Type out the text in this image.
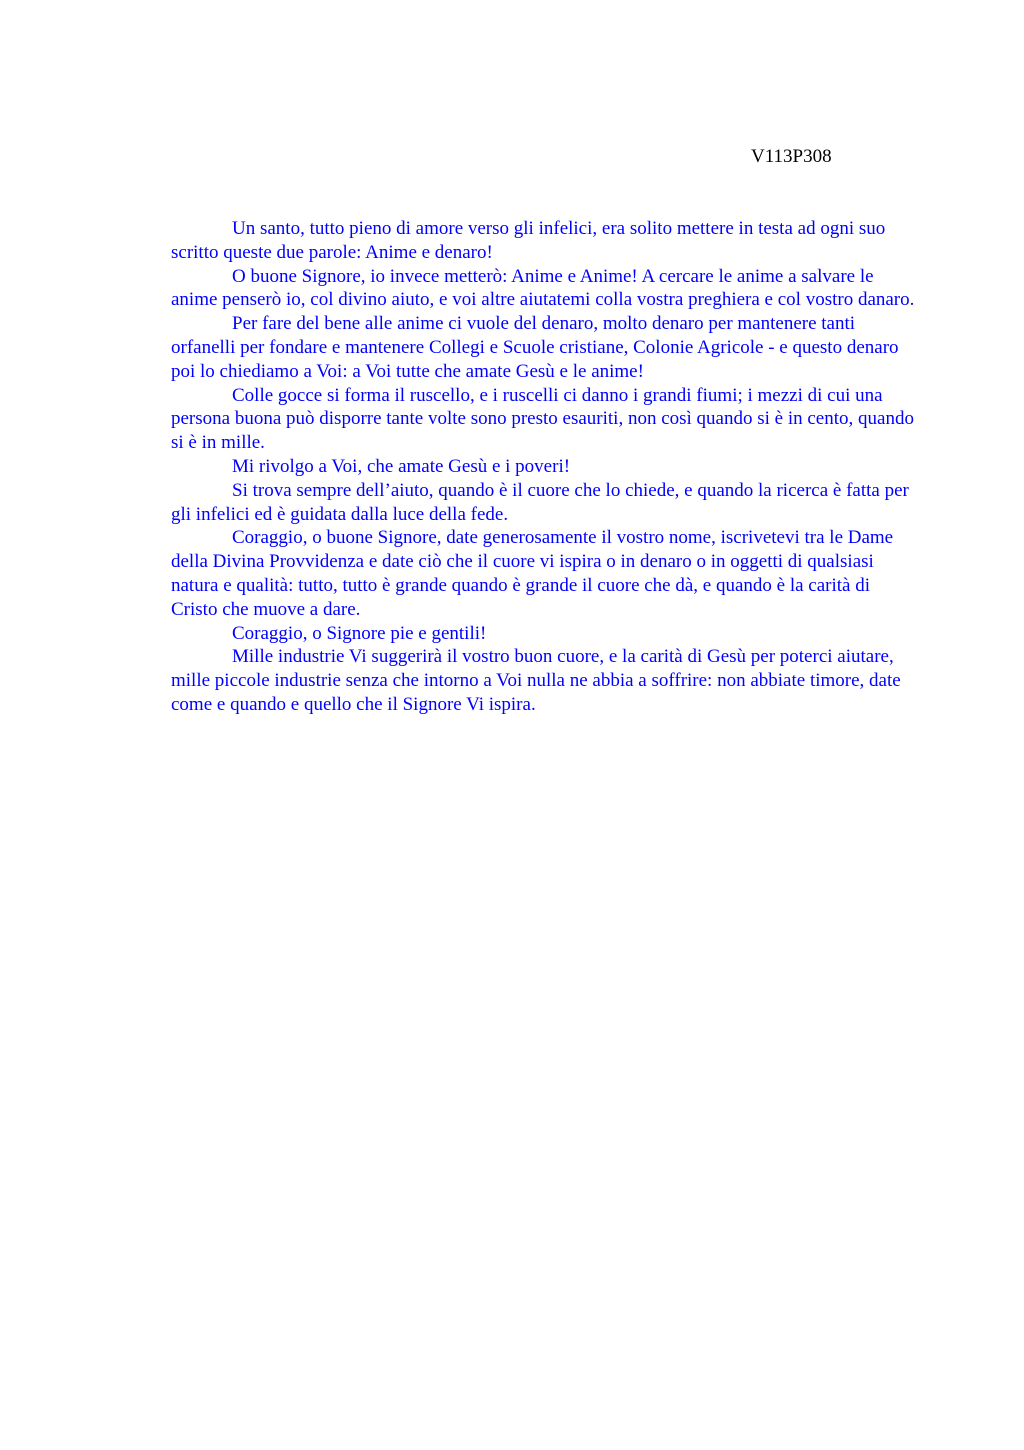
V113P308

Un santo, tutto pieno di amore verso gli infelici, era solito mettere in testa ad ogni suo scritto queste due parole: Anime e denaro!

O buone Signore, io invece metterò: Anime e Anime! A cercare le anime a salvare le anime penserò io, col divino aiuto, e voi altre aiutatemi colla vostra preghiera e col vostro danaro.

Per fare del bene alle anime ci vuole del denaro, molto denaro per mantenere tanti orfanelli per fondare e mantenere Collegi e Scuole cristiane, Colonie Agricole - e questo denaro poi lo chiediamo a Voi: a Voi tutte che amate Gesù e le anime!

Colle gocce si forma il ruscello, e i ruscelli ci danno i grandi fiumi; i mezzi di cui una persona buona può disporre tante volte sono presto esauriti, non così quando si è in cento, quando si è in mille.

Mi rivolgo a Voi, che amate Gesù e i poveri!

Si trova sempre dell’aiuto, quando è il cuore che lo chiede, e quando la ricerca è fatta per gli infelici ed è guidata dalla luce della fede.

Coraggio, o buone Signore, date generosamente il vostro nome, iscrivetevi tra le Dame della Divina Provvidenza e date ciò che il cuore vi ispira o in denaro o in oggetti di qualsiasi natura e qualità: tutto, tutto è grande quando è grande il cuore che dà, e quando è la carità di Cristo che muove a dare.

Coraggio, o Signore pie e gentili!

Mille industrie Vi suggerirà il vostro buon cuore, e la carità di Gesù per poterci aiutare, mille piccole industrie senza che intorno a Voi nulla ne abbia a soffrire: non abbiate timore, date come e quando e quello che il Signore Vi ispira.
